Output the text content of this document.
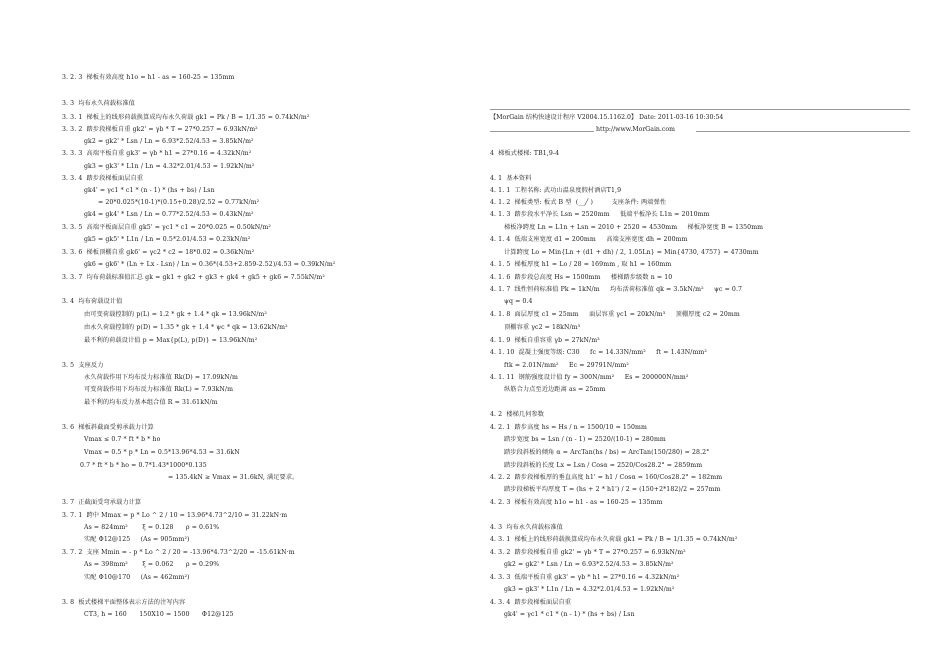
3. 2. 3  梯板有效高度 h1o = h1 - as = 160-25 = 135mm
3. 3  均布永久荷载标准值
3. 3. 1  梯板上的线形荷载换算成均布永久荷载 gk1 = Pk / B = 1/1.35 = 0.74kN/m²
3. 3. 2  踏步段梯板自重 gk2' = γb * T = 27*0.257 = 6.93kN/m²
gk2 = gk2' * Lsn / Ln = 6.93*2.52/4.53 = 3.85kN/m²
3. 3. 3  高端平板自重 gk3' = γb * h1 = 27*0.16 = 4.32kN/m²
gk3 = gk3' * L1n / Ln = 4.32*2.01/4.53 = 1.92kN/m²
3. 3. 4  踏步段梯板面层自重
gk4' = γc1 * c1 * (n - 1) * (hs + bs) / Lsn
= 20*0.025*(10-1)*(0.15+0.28)/2.52 = 0.77kN/m²
gk4 = gk4' * Lsn / Ln = 0.77*2.52/4.53 = 0.43kN/m²
3. 3. 5  高端平板面层自重 gk5' = γc1 * c1 = 20*0.025 = 0.50kN/m²
gk5 = gk5' * L1n / Ln = 0.5*2.01/4.53 = 0.23kN/m²
3. 3. 6  梯板顶棚自重 gk6' = γc2 * c2 = 18*0.02 = 0.36kN/m²
gk6 = gk6' * (Ln + Lx - Lsn) / Ln = 0.36*(4.53+2.859-2.52)/4.53 = 0.39kN/m²
3. 3. 7  均布荷载标准值汇总 gk = gk1 + gk2 + gk3 + gk4 + gk5 + gk6 = 7.55kN/m²
3. 4  均布荷载设计值
由可变荷载控制的 p(L) = 1.2 * gk + 1.4 * qk = 13.96kN/m²
由永久荷载控制的 p(D) = 1.35 * gk + 1.4 * ψc * qk = 13.62kN/m²
最不利的荷载设计值 p = Max{p(L), p(D)} = 13.96kN/m²
3. 5  支座反力
永久荷载作用下均布反力标准值 Rk(D) = 17.09kN/m
可变荷载作用下均布反力标准值 Rk(L) = 7.93kN/m
最不利的均布反力基本组合值 R = 31.61kN/m
3. 6  梯板斜截面受剪承载力计算
Vmax ≤ 0.7 * ft * b * ho
Vmax = 0.5 * p * Ln = 0.5*13.96*4.53 = 31.6kN
0.7 * ft * b * ho = 0.7*1.43*1000*0.135
= 135.4kN ≥ Vmax = 31.6kN, 满足要求。
3. 7  正截面受弯承载力计算
3. 7. 1  跨中 Mmax = p * Lo ^ 2 / 10 = 13.96*4.73^2/10 = 31.22kN·m
As = 824mm²       ξ = 0.128      ρ = 0.61%
实配 Φ12@125     (As = 905mm²)
3. 7. 2  支座 Mmin = - p * Lo ^ 2 / 20 = -13.96*4.73^2/20 = -15.61kN·m
As = 398mm²       ξ = 0.062      ρ = 0.29%
实配 Φ10@170     (As = 462mm²)
3. 8  板式楼梯平面整体表示方法的注写内容
CT3, h = 160      150X10 = 1500      Φ12@125
【MorGain 结构快速设计程序 V2004.15.1162.0】 Date: 2011-03-16 10:30:54
http://www.MorGain.com
4  梯板式楼梯: TB1,9-4
4. 1  基本资料
4. 1. 1  工程名称: 武功山温泉度假村酒店T1,9
4. 1. 2  梯板类型: 板式 B 型  (__╱ )         支座条件: 两端弹性
4. 1. 3  踏步段水平净长 Lsn = 2520mm     低端平板净长 L1n = 2010mm
梯板净跨度 Ln = L1n + Lsn = 2010 + 2520 = 4530mm     梯板净宽度 B = 1350mm
4. 1. 4  低端支座宽度 d1 = 200mm     高端支座宽度 dh = 200mm
计算跨度 Lo = Min{Ln + (d1 + dh) / 2, 1.05Ln} = Min{4730, 4757} = 4730mm
4. 1. 5  梯板厚度 h1 = Lo / 28 = 169mm , 取 h1 = 160mm
4. 1. 6  踏步段总高度 Hs = 1500mm     楼梯踏步级数 n = 10
4. 1. 7  线性恒荷标准值 Pk = 1kN/m     均布活荷标准值 qk = 3.5kN/m²     ψc = 0.7
ψq = 0.4
4. 1. 8  面层厚度 c1 = 25mm     面层容重 γc1 = 20kN/m³     顶棚厚度 c2 = 20mm
顶棚容重 γc2 = 18kN/m³
4. 1. 9  梯板自重容重 γb = 27kN/m³
4. 1. 10  混凝土强度等级: C30     fc = 14.33N/mm²     ft = 1.43N/mm²
ftk = 2.01N/mm²     Ec = 29791N/mm²
4. 1. 11  钢筋强度设计值 fy = 300N/mm²     Es = 200000N/mm²
纵筋合力点至近边距离 as = 25mm
4. 2  楼梯几何参数
4. 2. 1  踏步高度 hs = Hs / n = 1500/10 = 150mm
踏步宽度 bs = Lsn / (n - 1) = 2520/(10-1) = 280mm
踏步段斜板的倾角 α = ArcTan(hs / bs) = ArcTan(150/280) = 28.2°
踏步段斜板的长度 Lx = Lsn / Cosα = 2520/Cos28.2° = 2859mm
4. 2. 2  踏步段梯板厚的垂直高度 h1' = h1 / Cosα = 160/Cos28.2° = 182mm
踏步段梯板平均厚度 T = (hs + 2 * h1') / 2 = (150+2*182)/2 = 257mm
4. 2. 3  梯板有效高度 h1o = h1 - as = 160-25 = 135mm
4. 3  均布永久荷载标准值
4. 3. 1  梯板上的线形荷载换算成均布永久荷载 gk1 = Pk / B = 1/1.35 = 0.74kN/m²
4. 3. 2  踏步段梯板自重 gk2' = γb * T = 27*0.257 = 6.93kN/m²
gk2 = gk2' * Lsn / Ln = 6.93*2.52/4.53 = 3.85kN/m²
4. 3. 3  低端平板自重 gk3' = γb * h1 = 27*0.16 = 4.32kN/m²
gk3 = gk3' * L1n / Ln = 4.32*2.01/4.53 = 1.92kN/m²
4. 3. 4  踏步段梯板面层自重
gk4' = γc1 * c1 * (n - 1) * (hs + bs) / Lsn
